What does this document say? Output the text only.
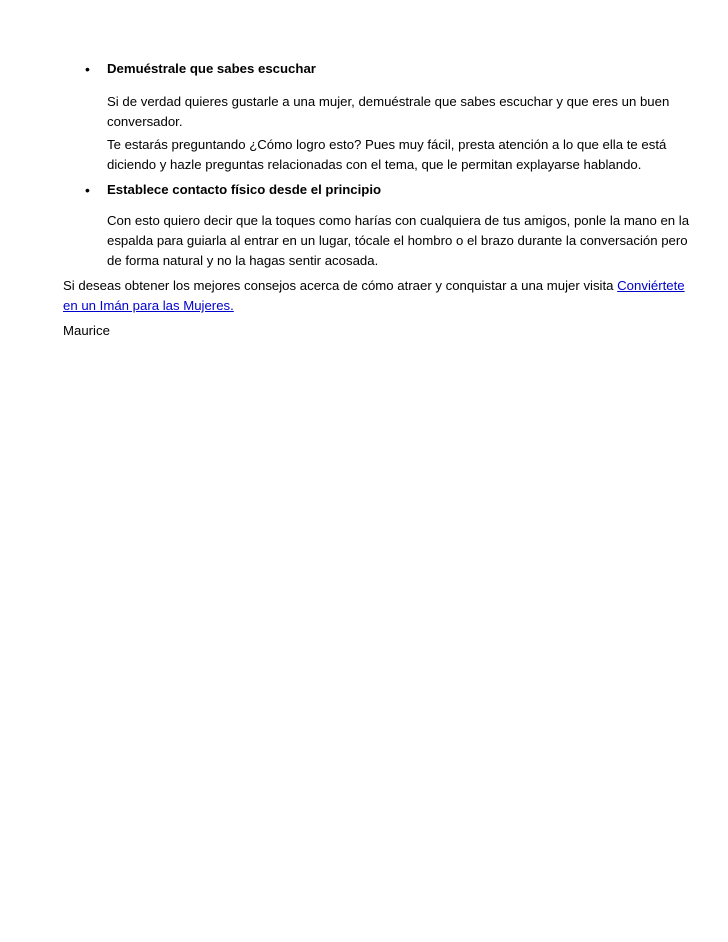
• Demuéstrale que sabes escuchar

Si de verdad quieres gustarle a una mujer, demuéstrale que sabes escuchar y que eres un buen conversador.

Te estarás preguntando ¿Cómo logro esto? Pues muy fácil, presta atención a lo que ella te está diciendo y hazle preguntas relacionadas con el tema, que le permitan explayarse hablando.

• Establece contacto físico desde el principio

Con esto quiero decir que la toques como harías con cualquiera de tus amigos, ponle la mano en la espalda para guiarla al entrar en un lugar, tócale el hombro o el brazo durante la conversación pero de forma natural y no la hagas sentir acosada.

Si deseas obtener los mejores consejos acerca de cómo atraer y conquistar a una mujer visita Conviértete en un Imán para las Mujeres.

Maurice
